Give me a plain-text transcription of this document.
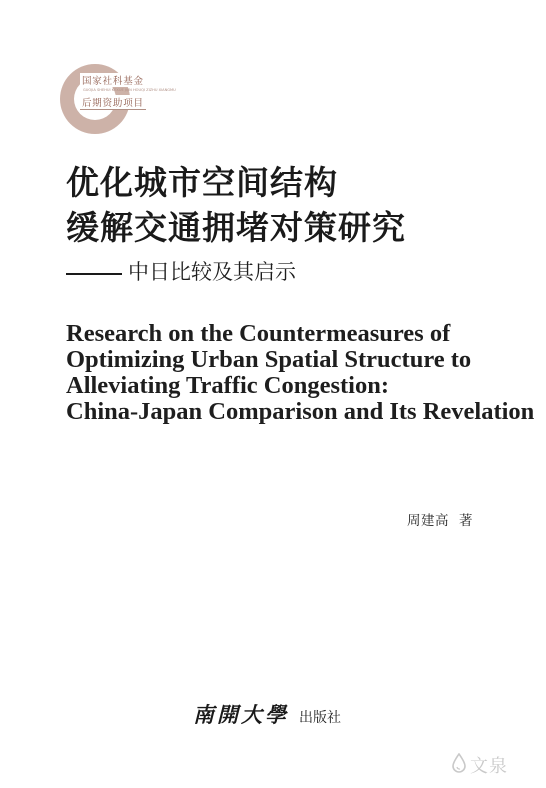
国家社科基金
GUOJIA SHEHUI KEXUE JIJIN HOUQI ZIZHU XIANGMU
后期资助项目
优化城市空间结构
缓解交通拥堵对策研究
中日比较及其启示
Research on the Countermeasures of
Optimizing Urban Spatial Structure to
Alleviating Traffic Congestion:
China-Japan Comparison and Its Revelation
周建高 著
南開大學 出版社
文泉
